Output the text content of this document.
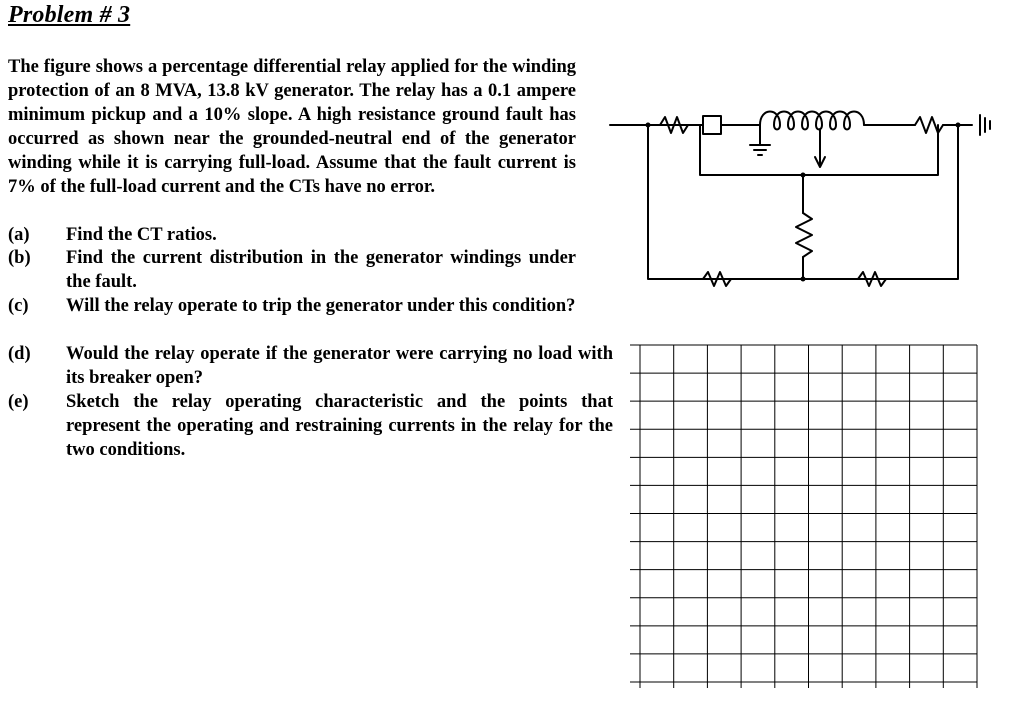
Problem # 3
The figure shows a percentage differential relay applied for the winding protection of an 8 MVA, 13.8 kV generator. The relay has a 0.1 ampere minimum pickup and a 10% slope. A high resistance ground fault has occurred as shown near the grounded-neutral end of the generator winding while it is carrying full-load. Assume that the fault current is 7% of the full-load current and the CTs have no error.
(a) Find the CT ratios.
(b) Find the current distribution in the generator windings under the fault.
(c) Will the relay operate to trip the generator under this condition?
(d) Would the relay operate if the generator were carrying no load with its breaker open?
(e) Sketch the relay operating characteristic and the points that represent the operating and restraining currents in the relay for the two conditions.
